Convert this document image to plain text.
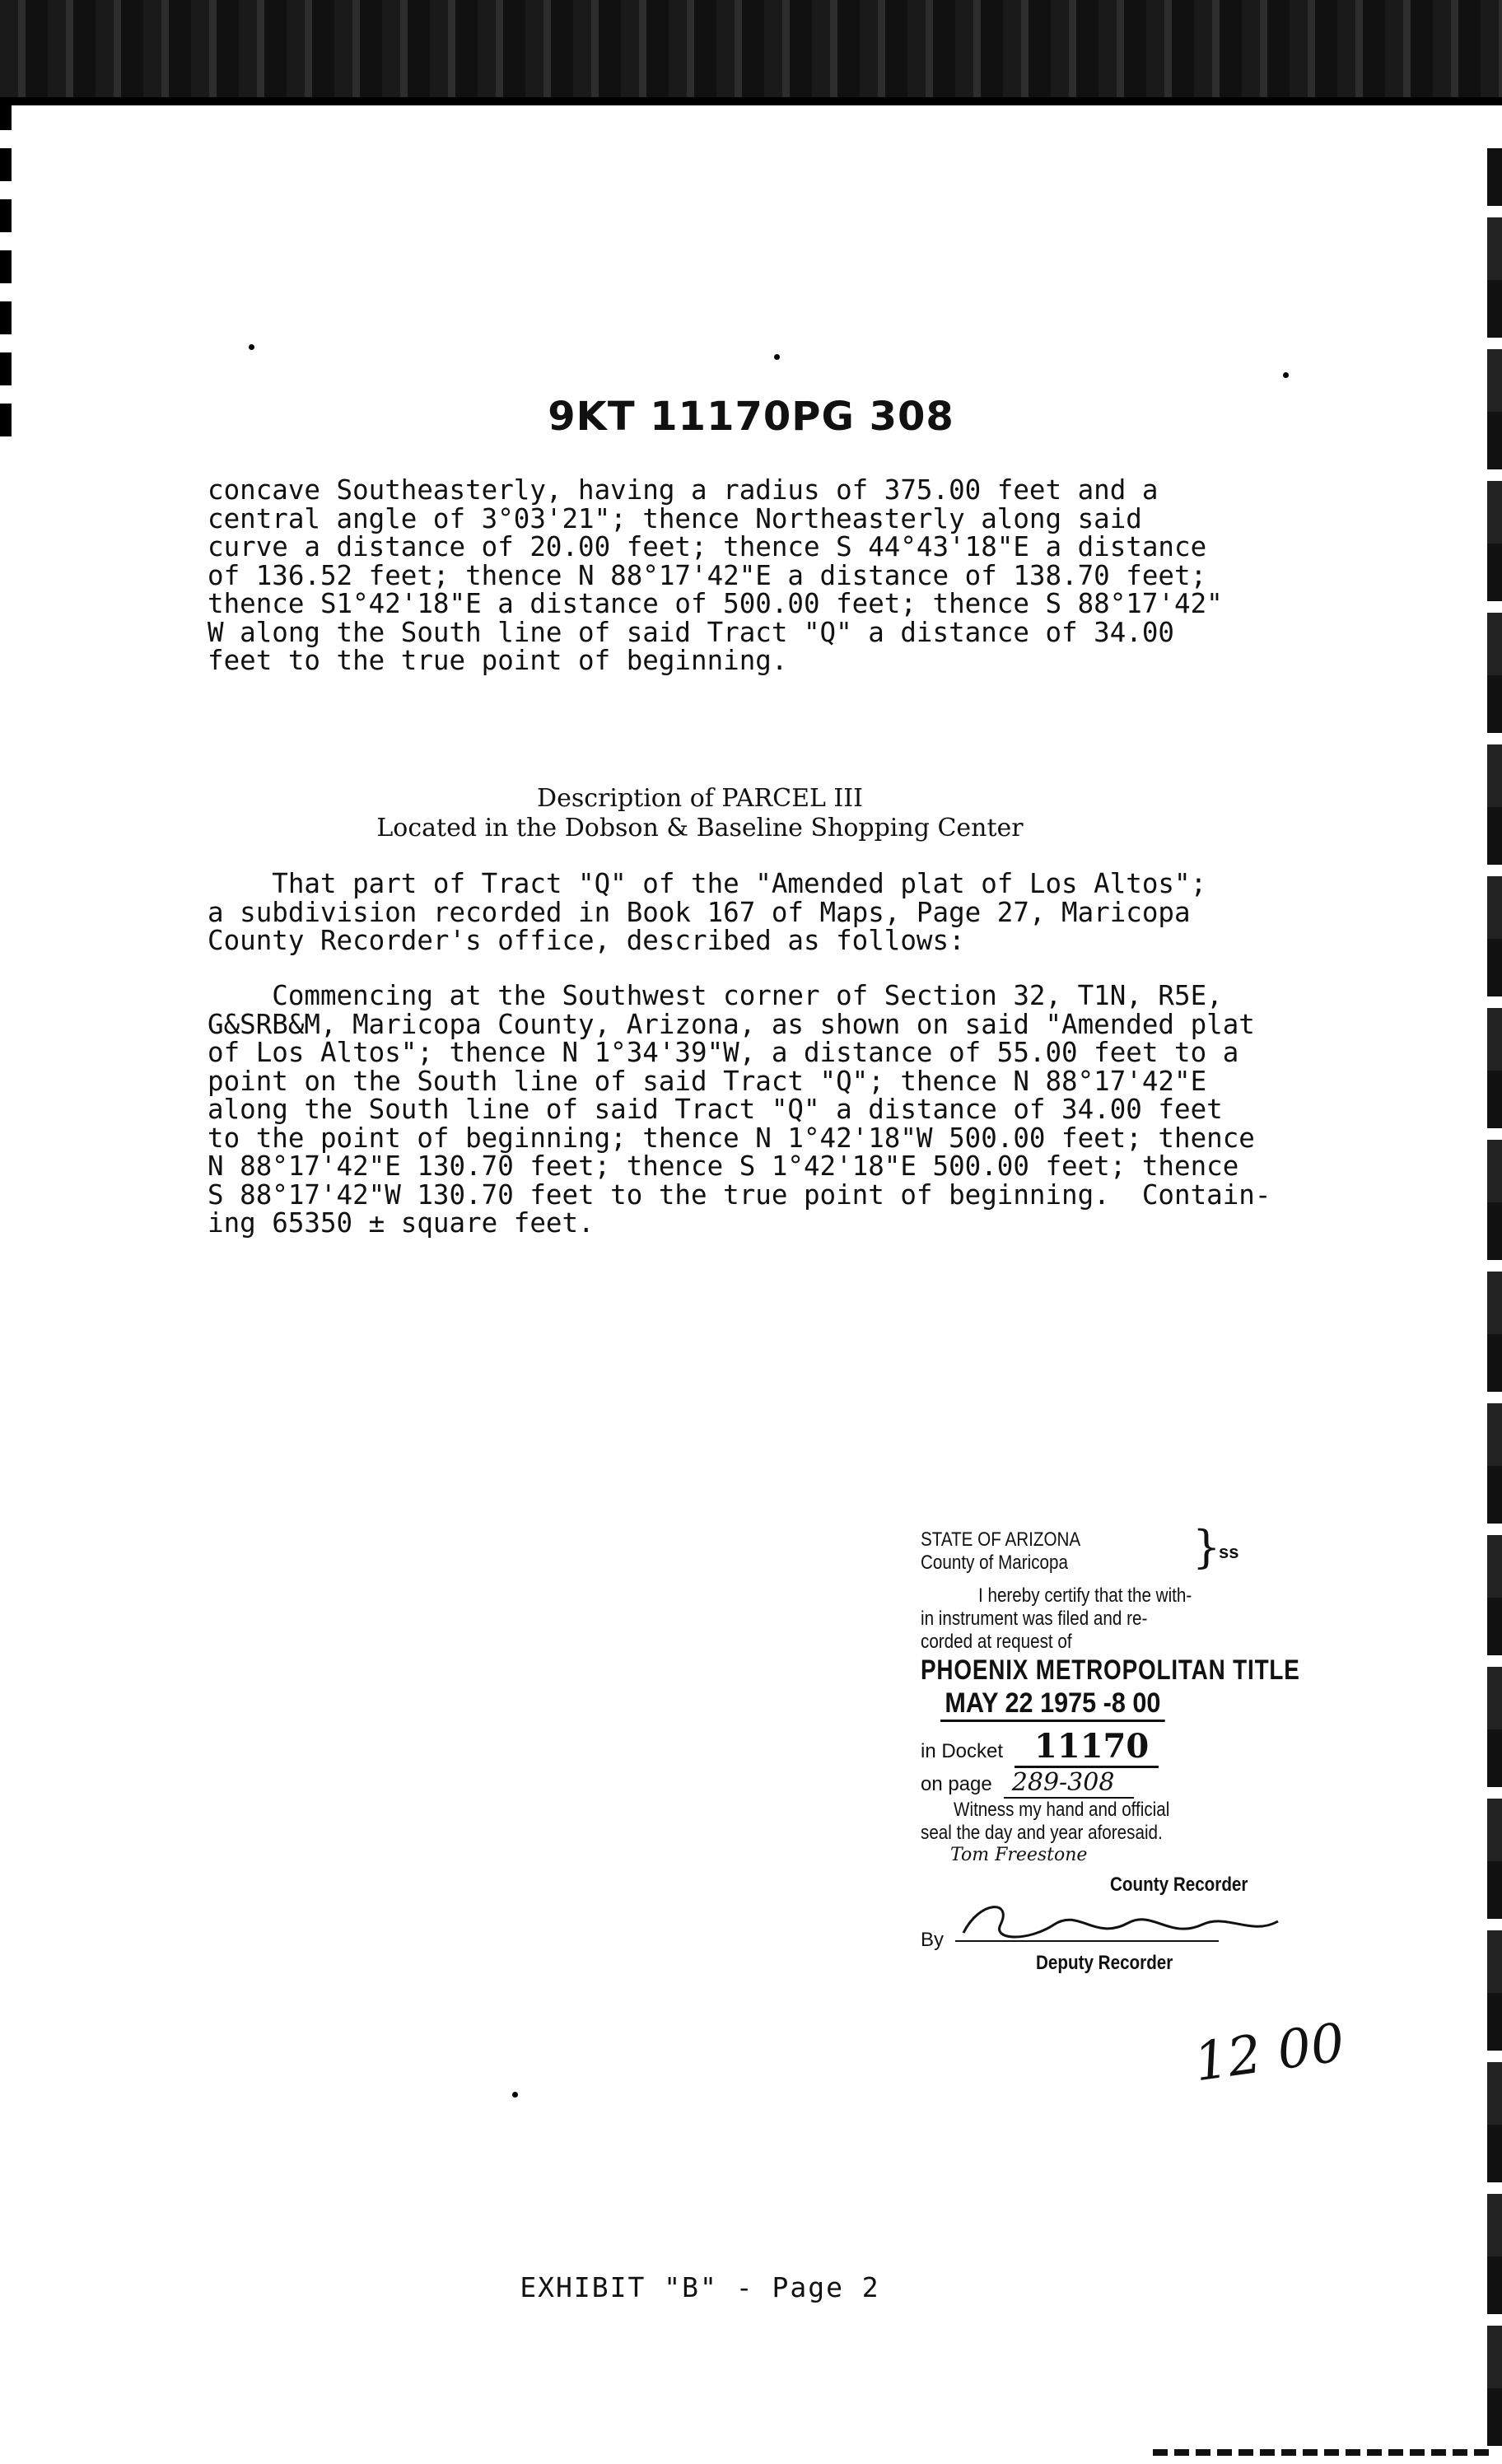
9KT 11170PG 308
concave Southeasterly, having a radius of 375.00 feet and a
central angle of 3°03'21"; thence Northeasterly along said
curve a distance of 20.00 feet; thence S 44°43'18"E a distance
of 136.52 feet; thence N 88°17'42"E a distance of 138.70 feet;
thence S1°42'18"E a distance of 500.00 feet; thence S 88°17'42"
W along the South line of said Tract "Q" a distance of 34.00
feet to the true point of beginning.
Description of PARCEL III
Located in the Dobson & Baseline Shopping Center
That part of Tract "Q" of the "Amended plat of Los Altos";
a subdivision recorded in Book 167 of Maps, Page 27, Maricopa
County Recorder's office, described as follows:
Commencing at the Southwest corner of Section 32, T1N, R5E,
G&SRB&M, Maricopa County, Arizona, as shown on said "Amended plat
of Los Altos"; thence N 1°34'39"W, a distance of 55.00 feet to a
point on the South line of said Tract "Q"; thence N 88°17'42"E
along the South line of said Tract "Q" a distance of 34.00 feet
to the point of beginning; thence N 1°42'18"W 500.00 feet; thence
N 88°17'42"E 130.70 feet; thence S 1°42'18"E 500.00 feet; thence
S 88°17'42"W 130.70 feet to the true point of beginning.  Contain-
ing 65350 ± square feet.
STATE OF ARIZONA
County of Maricopa	}
ss
I hereby certify that the with-
in instrument was filed and re-
corded at request of
PHOENIX METROPOLITAN TITLE
MAY 22 1975 -8 00
in Docket 11170
on page 289-308
Witness my hand and official
seal the day and year aforesaid.
Tom Freestone
County Recorder
By
Deputy Recorder
12 00
EXHIBIT "B" - Page 2
